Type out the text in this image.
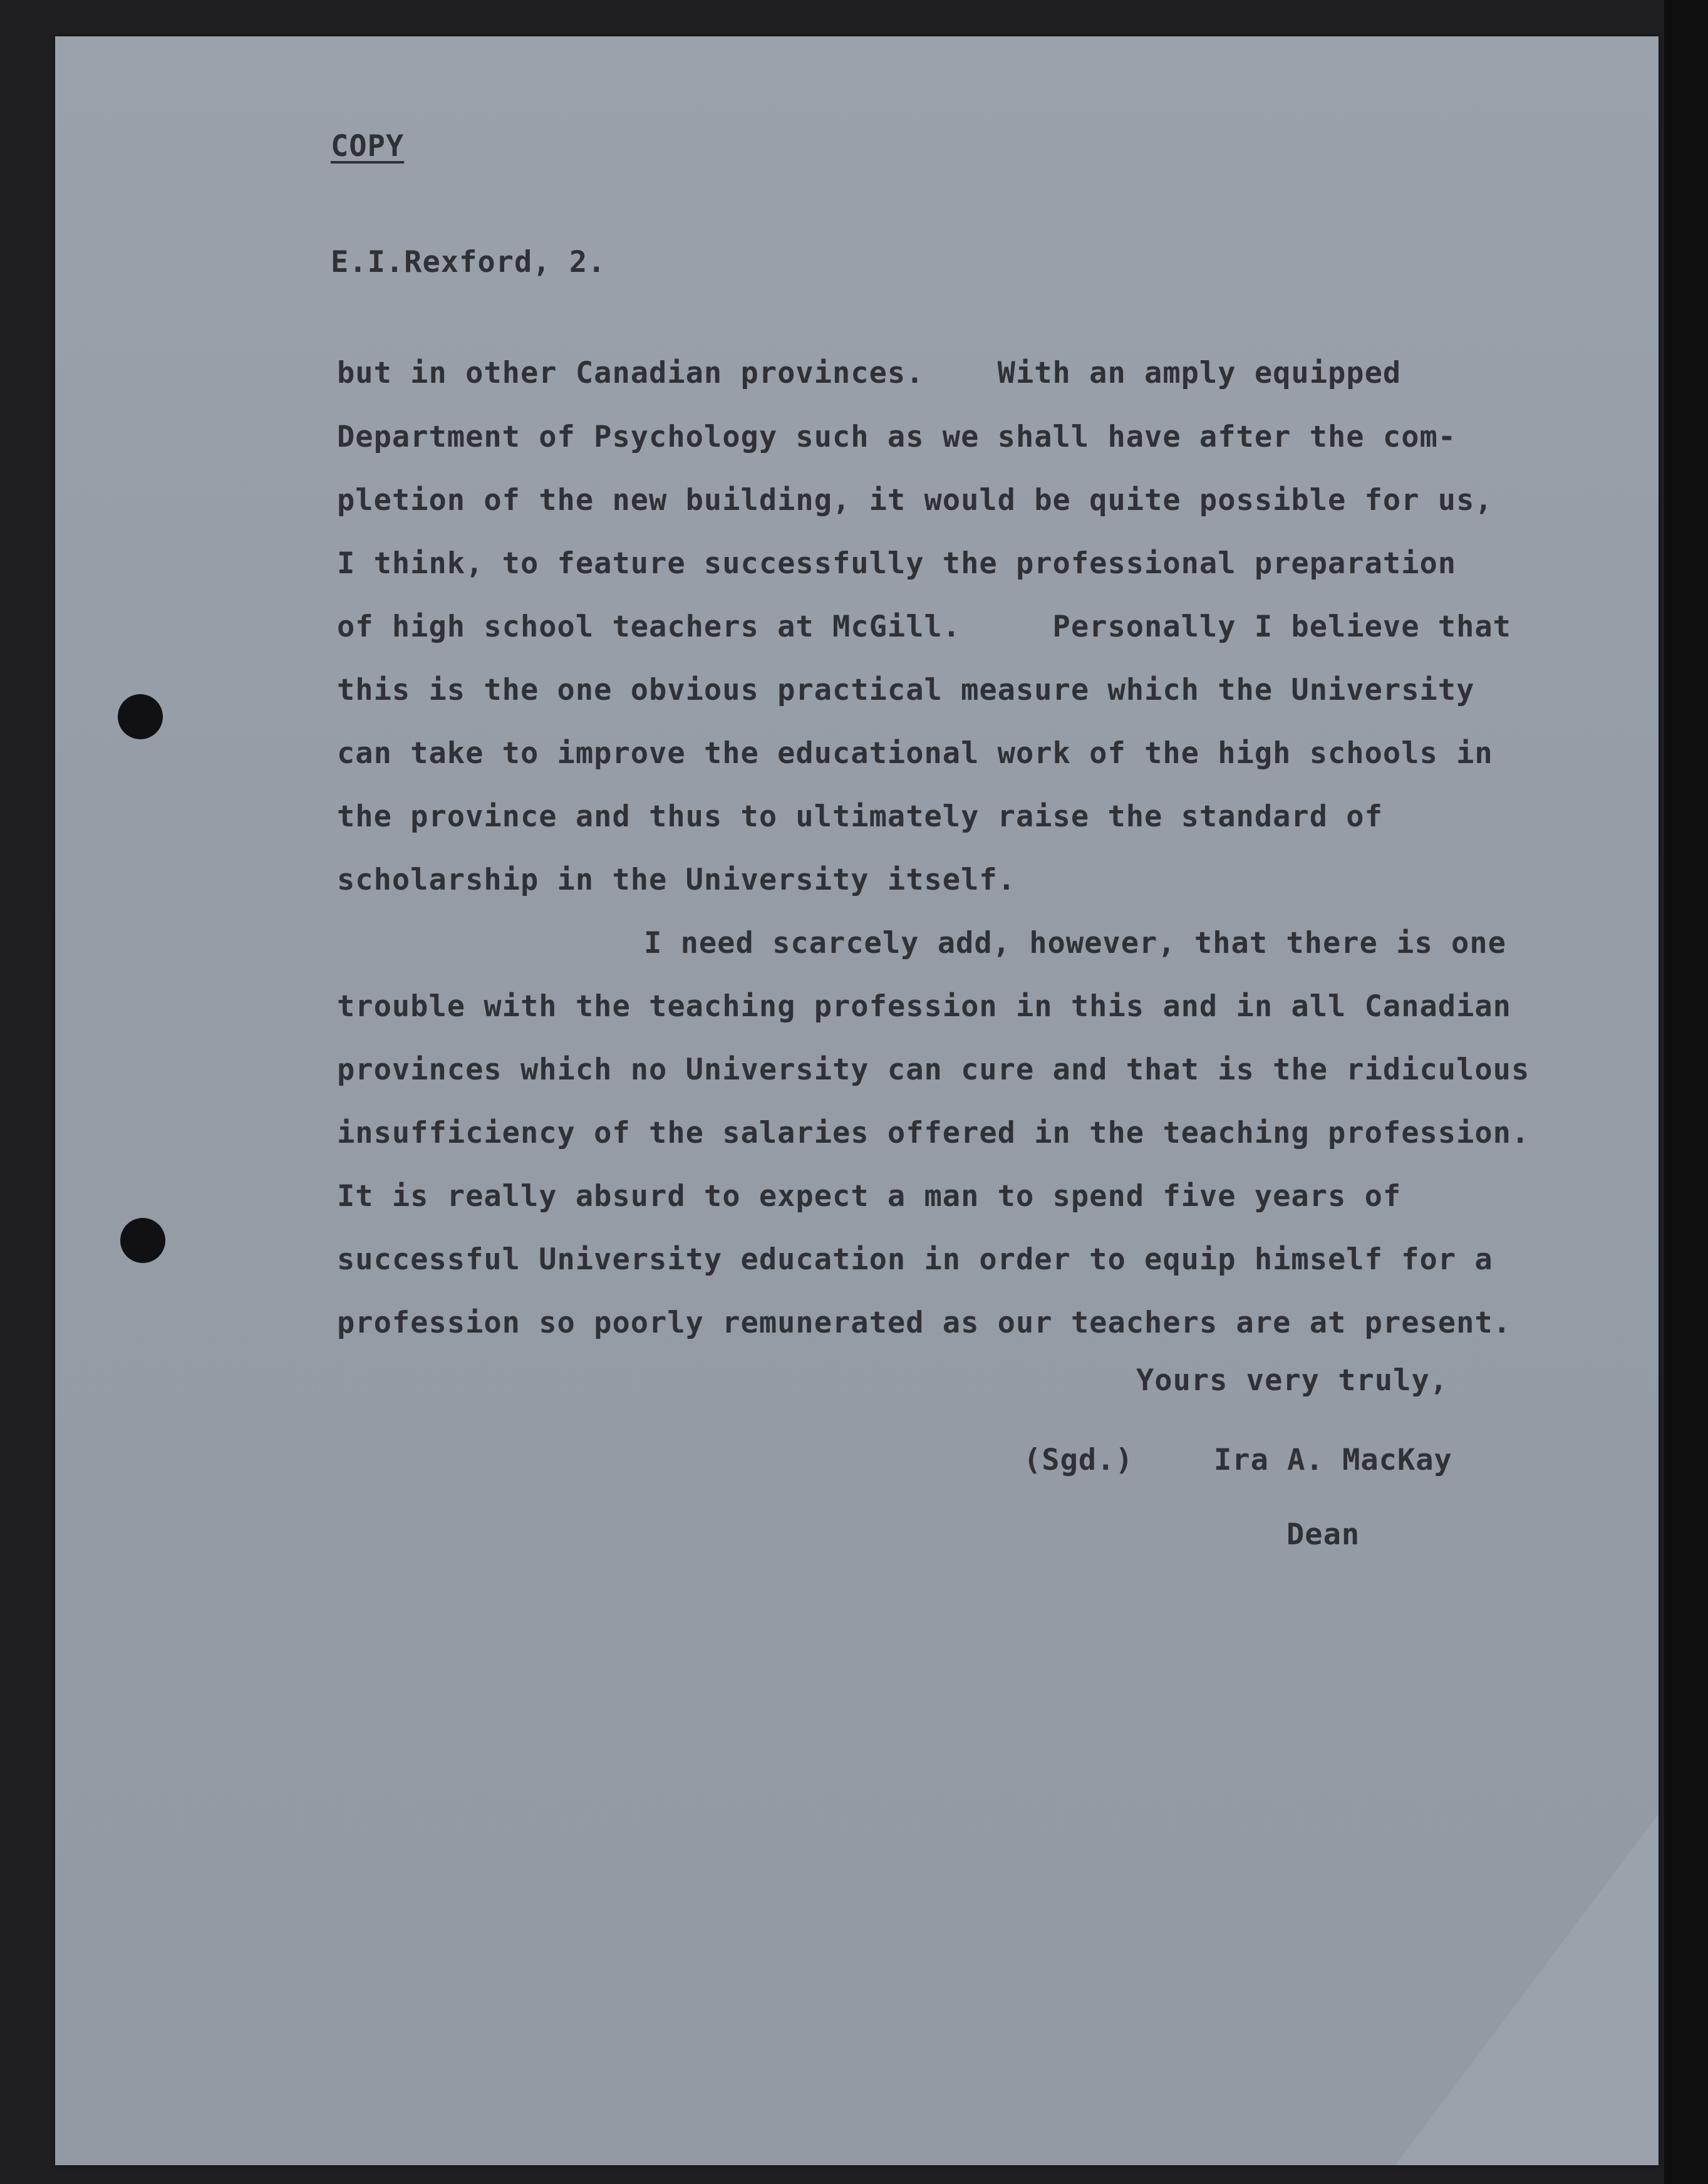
COPY
E.I.Rexford, 2.
but in other Canadian provinces.    With an amply equipped
Department of Psychology such as we shall have after the com-
pletion of the new building, it would be quite possible for us,
I think, to feature successfully the professional preparation
of high school teachers at McGill.     Personally I believe that
this is the one obvious practical measure which the University
can take to improve the educational work of the high schools in
the province and thus to ultimately raise the standard of
scholarship in the University itself.
I need scarcely add, however, that there is one
trouble with the teaching profession in this and in all Canadian
provinces which no University can cure and that is the ridiculous
insufficiency of the salaries offered in the teaching profession.
It is really absurd to expect a man to spend five years of
successful University education in order to equip himself for a
profession so poorly remunerated as our teachers are at present.
Yours very truly,
(Sgd.)	Ira A. MacKay
Dean
